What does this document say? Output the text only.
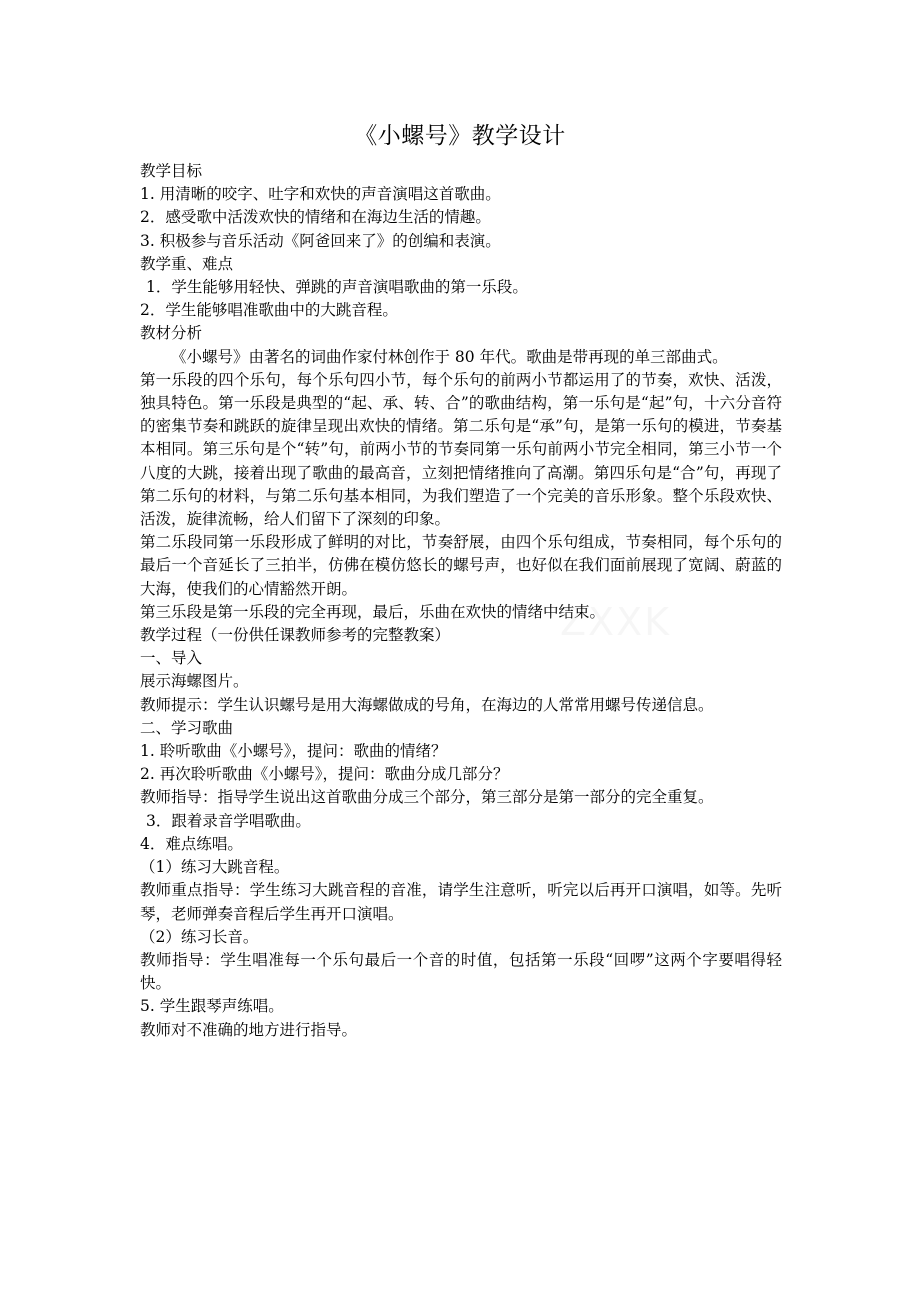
《小螺号》教学设计

教学目标

1. 用清晰的咬字、吐字和欢快的声音演唱这首歌曲。

2．感受歌中活泼欢快的情绪和在海边生活的情趣。

3. 积极参与音乐活动《阿爸回来了》的创编和表演。

教学重、难点

1．学生能够用轻快、弹跳的声音演唱歌曲的第一乐段。

2．学生能够唱准歌曲中的大跳音程。

教材分析

《小螺号》由著名的词曲作家付林创作于 80 年代。歌曲是带再现的单三部曲式。

第一乐段的四个乐句，每个乐句四小节，每个乐句的前两小节都运用了的节奏，欢快、活泼，独具特色。第一乐段是典型的“起、承、转、合”的歌曲结构，第一乐句是“起”句，十六分音符的密集节奏和跳跃的旋律呈现出欢快的情绪。第二乐句是“承”句，是第一乐句的模进，节奏基本相同。第三乐句是个“转”句，前两小节的节奏同第一乐句前两小节完全相同，第三小节一个八度的大跳，接着出现了歌曲的最高音，立刻把情绪推向了高潮。第四乐句是“合”句，再现了第二乐句的材料，与第二乐句基本相同，为我们塑造了一个完美的音乐形象。整个乐段欢快、活泼，旋律流畅，给人们留下了深刻的印象。

第二乐段同第一乐段形成了鲜明的对比，节奏舒展，由四个乐句组成，节奏相同，每个乐句的最后一个音延长了三拍半，仿佛在模仿悠长的螺号声，也好似在我们面前展现了宽阔、蔚蓝的大海，使我们的心情豁然开朗。

第三乐段是第一乐段的完全再现，最后，乐曲在欢快的情绪中结束。

教学过程（一份供任课教师参考的完整教案）

一、导入

展示海螺图片。

教师提示：学生认识螺号是用大海螺做成的号角，在海边的人常常用螺号传递信息。

二、学习歌曲

1. 聆听歌曲《小螺号》，提问：歌曲的情绪？

2. 再次聆听歌曲《小螺号》，提问：歌曲分成几部分？

教师指导：指导学生说出这首歌曲分成三个部分，第三部分是第一部分的完全重复。

3．跟着录音学唱歌曲。

4．难点练唱。

（1）练习大跳音程。

教师重点指导：学生练习大跳音程的音准，请学生注意听，听完以后再开口演唱，如等。先听琴，老师弹奏音程后学生再开口演唱。

（2）练习长音。

教师指导：学生唱准每一个乐句最后一个音的时值，包括第一乐段“回啰”这两个字要唱得轻快。

5. 学生跟琴声练唱。

教师对不准确的地方进行指导。
